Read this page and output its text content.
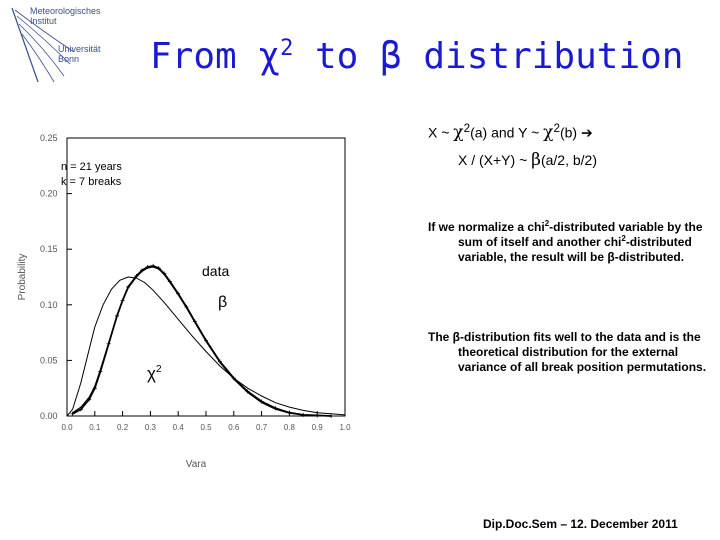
Meteorologisches
Institut
Universität
Bonn From $\chi^2$ to β distribution
X ~ $\chi^2(a)$ and Y ~ $\chi^2(b)$ ➔
X / (X+Y) ~ β(a/2, b/2)
If we normalize a chi$^2$-distributed variable by the sum of itself and another chi$^2$-distributed variable, the result will be β-distributed.
The β-distribution fits well to the data and is the theoretical distribution for the external variance of all break position permutations.
Dip.Doc.Sem – 12. December 2011
0.0 0.1 0.2 0.3 0.4 0.5 0.6 0.7 0.8 0.9 1.0
0.00
0.05
0.10
0.15
0.20
0.25
Vara
Probability
n = 21 years
k = 7 breaks
data
β
$\chi^2$
